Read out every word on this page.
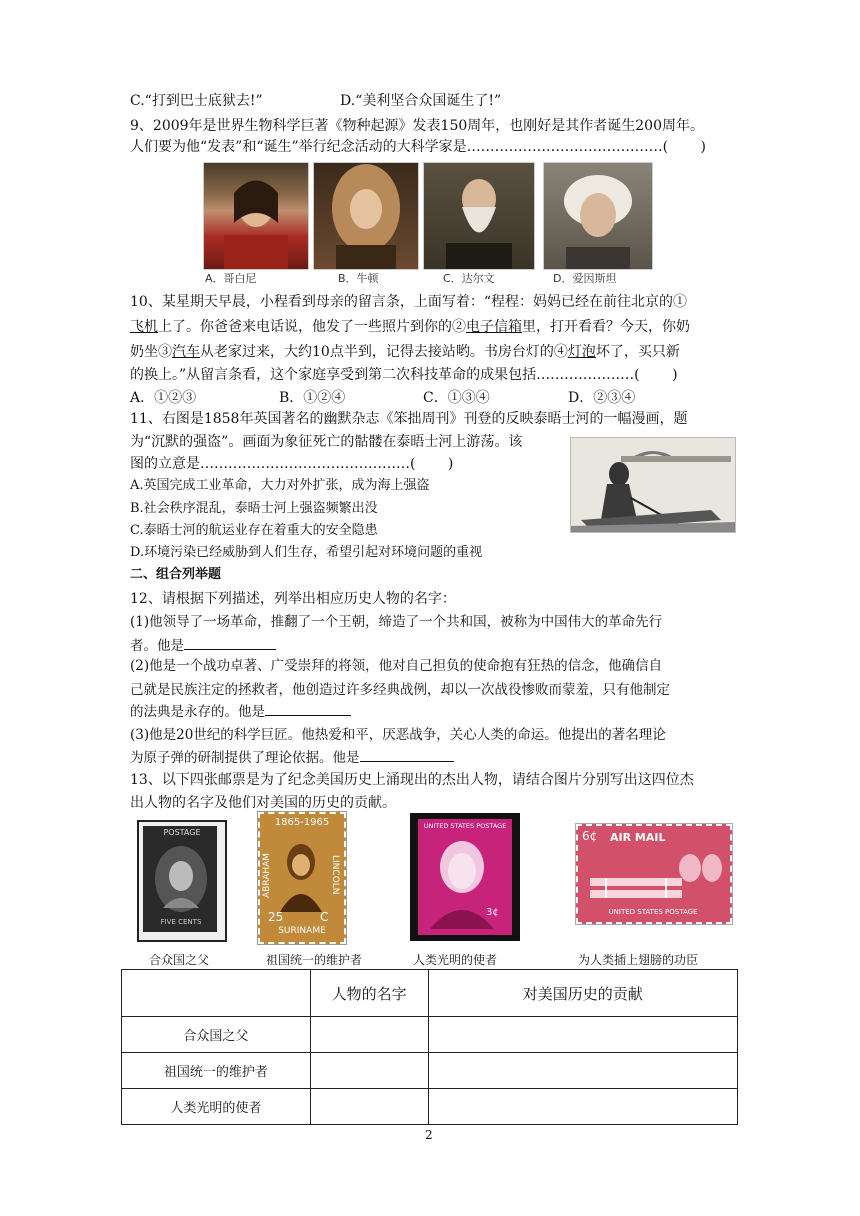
C.“打到巴士底狱去!”	D.“美利坚合众国诞生了!”
9、2009年是世界生物科学巨著《物种起源》发表150周年，也刚好是其作者诞生200周年。
人们要为他“发表”和“诞生”举行纪念活动的大科学家是……………………………………(　　 )
A．哥白尼	B．牛顿	C．达尔文	D．爱因斯坦
10、某星期天早晨，小程看到母亲的留言条，上面写着：“程程：妈妈已经在前往北京的①
飞机上了。你爸爸来电话说，他发了一些照片到你的②电子信箱里，打开看看？今天，你奶
奶坐③汽车从老家过来，大约10点半到，记得去接站哟。书房台灯的④灯泡坏了，买只新
的换上。”从留言条看，这个家庭享受到第二次科技革命的成果包括…………………(　　 )
A．①②③	B．①②④	C．①③④	D．②③④
11、右图是1858年英国著名的幽默杂志《笨拙周刊》刊登的反映泰晤士河的一幅漫画，题
为“沉默的强盗”。画面为象征死亡的骷髅在泰晤士河上游荡。该
图的立意是………………………………………(　　 )
A.英国完成工业革命，大力对外扩张，成为海上强盗
B.社会秩序混乱，泰晤士河上强盗频繁出没
C.泰晤士河的航运业存在着重大的安全隐患
D.环境污染已经威胁到人们生存，希望引起对环境问题的重视
二、组合列举题
12、请根据下列描述，列举出相应历史人物的名字：
(1)他领导了一场革命，推翻了一个王朝，缔造了一个共和国，被称为中国伟大的革命先行
者。他是
(2)他是一个战功卓著、广受崇拜的将领，他对自己担负的使命抱有狂热的信念，他确信自
己就是民族注定的拯救者，他创造过许多经典战例，却以一次战役惨败而蒙羞，只有他制定
的法典是永存的。他是
(3)他是20世纪的科学巨匠。他热爱和平，厌恶战争，关心人类的命运。他提出的著名理论
为原子弹的研制提供了理论依据。他是
13、以下四张邮票是为了纪念美国历史上涌现出的杰出人物，请结合图片分别写出这四位杰
出人物的名字及他们对美国的历史的贡献。
POSTAGE
FIVE CENTS
1865-1965
ABRAHAM	LINCOLN
25	C
SURINAME
UNITED STATES POSTAGE
3¢
6¢ AIR MAIL
UNITED STATES POSTAGE
合众国之父	祖国统一的维护者	人类光明的使者	为人类插上翅膀的功臣
	人物的名字	对美国历史的贡献
合众国之父		
祖国统一的维护者		
人类光明的使者		
2
